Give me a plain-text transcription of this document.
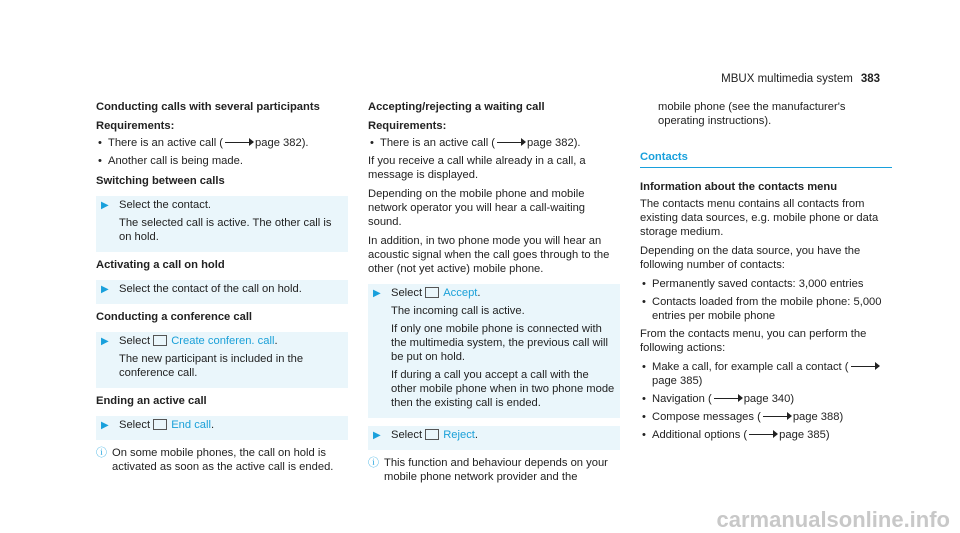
MBUX multimedia system 383
Conducting calls with several participants
Requirements:
•
There is an active call (	page 382).
•
Another call is being made.
Switching between calls
▶

Select the contact.

The selected call is active. The other call is on hold.

Activating a call on hold
▶

Select the contact of the call on hold.

Conducting a conference call
▶

Select Create conferen. call.

The new participant is included in the conference call.

Ending an active call
▶

Select End call.

ⓘ
On some mobile phones, the call on hold is activated as soon as the active call is ended.
Accepting/rejecting a waiting call
Requirements:
•
There is an active call (	page 382).

If you receive a call while already in a call, a message is displayed.

Depending on the mobile phone and mobile network operator you will hear a call-waiting sound.

In addition, in two phone mode you will hear an acoustic signal when the call goes through to the other (not yet active) mobile phone.

▶

Select Accept.

The incoming call is active.

If only one mobile phone is connected with the multimedia system, the previous call will be put on hold.

If during a call you accept a call with the other mobile phone when in two phone mode then the existing call is ended.

▶

Select Reject.

ⓘ
This function and behaviour depends on your mobile phone network provider and the

mobile phone (see the manufacturer's operating instructions).

Contacts
Information about the contacts menu

The contacts menu contains all contacts from existing data sources, e.g. mobile phone or data storage medium.

Depending on the data source, you have the following number of contacts:

•
Permanently saved contacts: 3,000 entries
•
Contacts loaded from the mobile phone: 5,000 entries per mobile phone

From the contacts menu, you can perform the following actions:

•
Make a call, for example call a contact (page 385)
•
Navigation (	page 340)
•
Compose messages (	page 388)
•
Additional options (	page 385)
carmanualsonline.info
